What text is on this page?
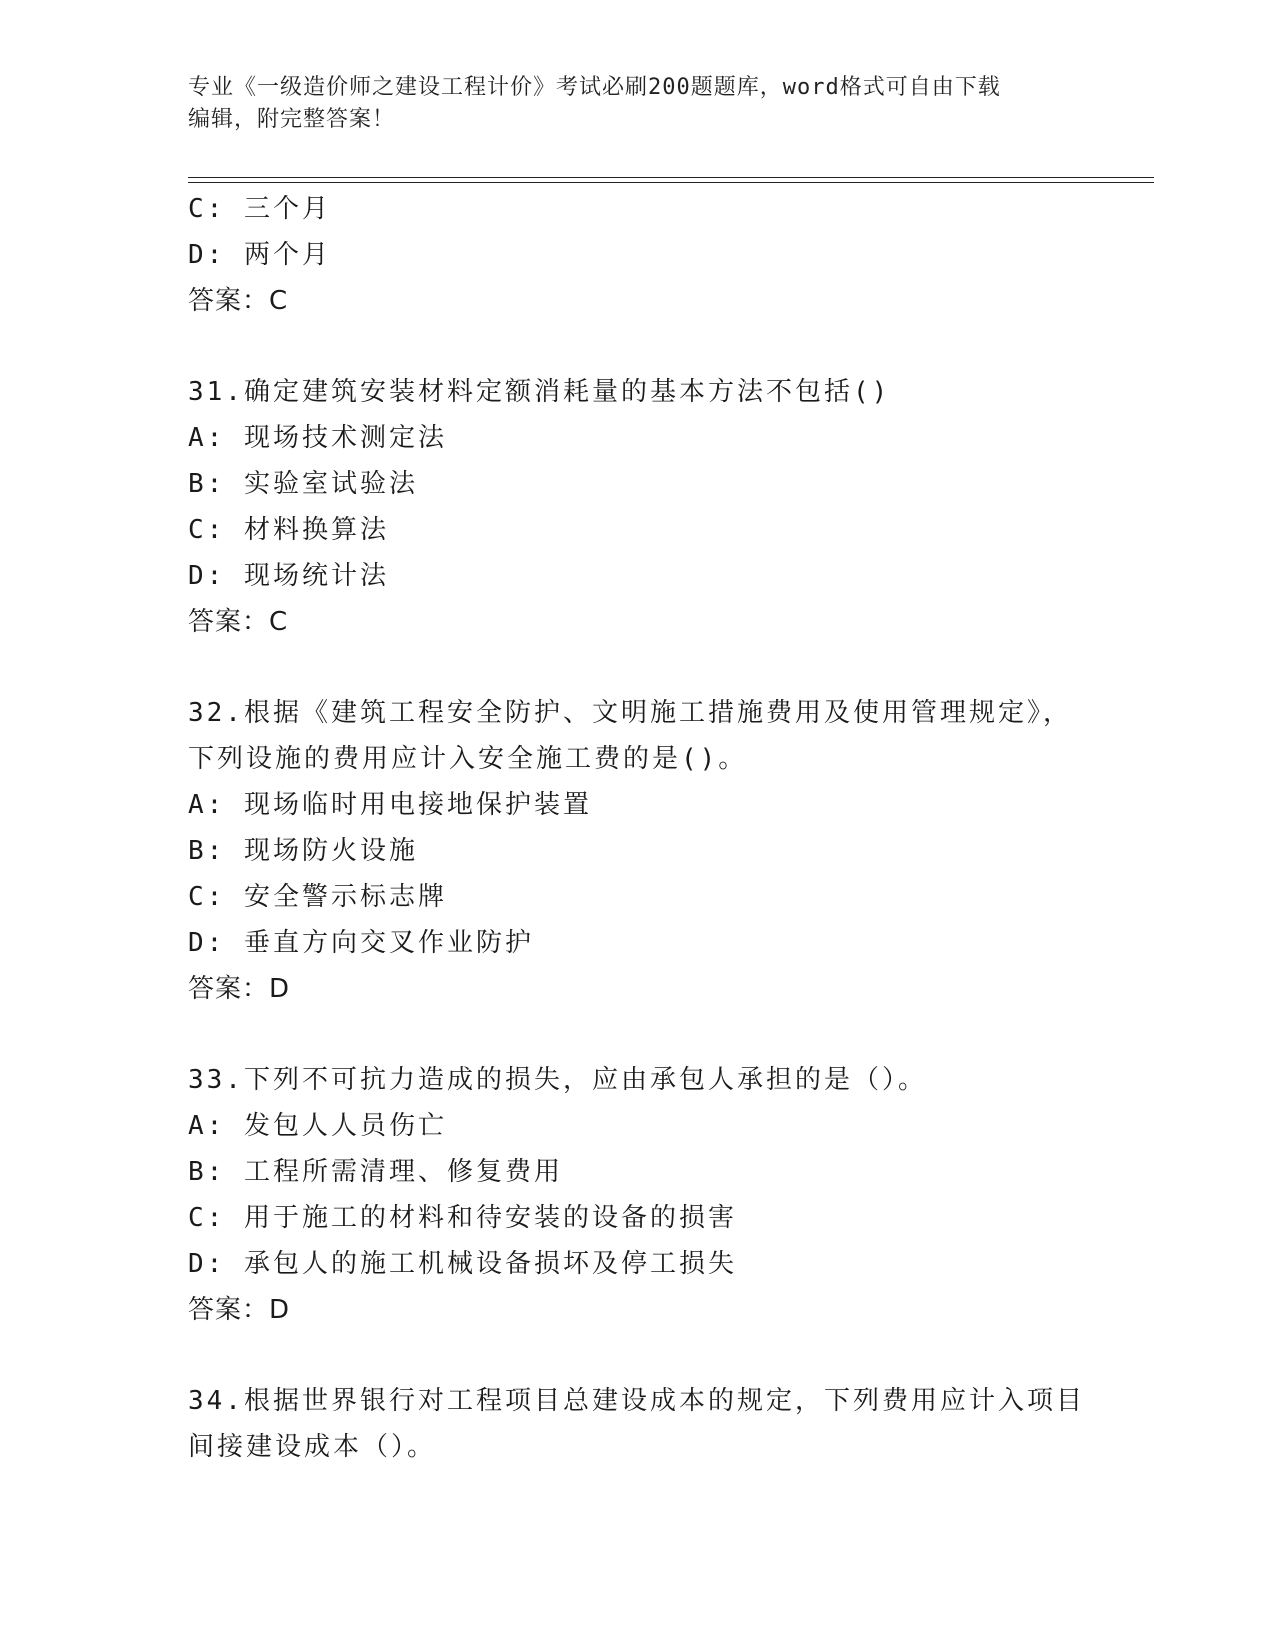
专业《一级造价师之建设工程计价》考试必刷200题题库，word格式可自由下载
编辑，附完整答案！
C: 三个月
D: 两个月
答案：C
31.确定建筑安装材料定额消耗量的基本方法不包括()
A: 现场技术测定法
B: 实验室试验法
C: 材料换算法
D: 现场统计法
答案：C
32.根据《建筑工程安全防护、文明施工措施费用及使用管理规定》，
下列设施的费用应计入安全施工费的是()。
A: 现场临时用电接地保护装置
B: 现场防火设施
C: 安全警示标志牌
D: 垂直方向交叉作业防护
答案：D
33.下列不可抗力造成的损失，应由承包人承担的是（）。
A: 发包人人员伤亡
B: 工程所需清理、修复费用
C: 用于施工的材料和待安装的设备的损害
D: 承包人的施工机械设备损坏及停工损失
答案：D
34.根据世界银行对工程项目总建设成本的规定，下列费用应计入项目
间接建设成本（）。
